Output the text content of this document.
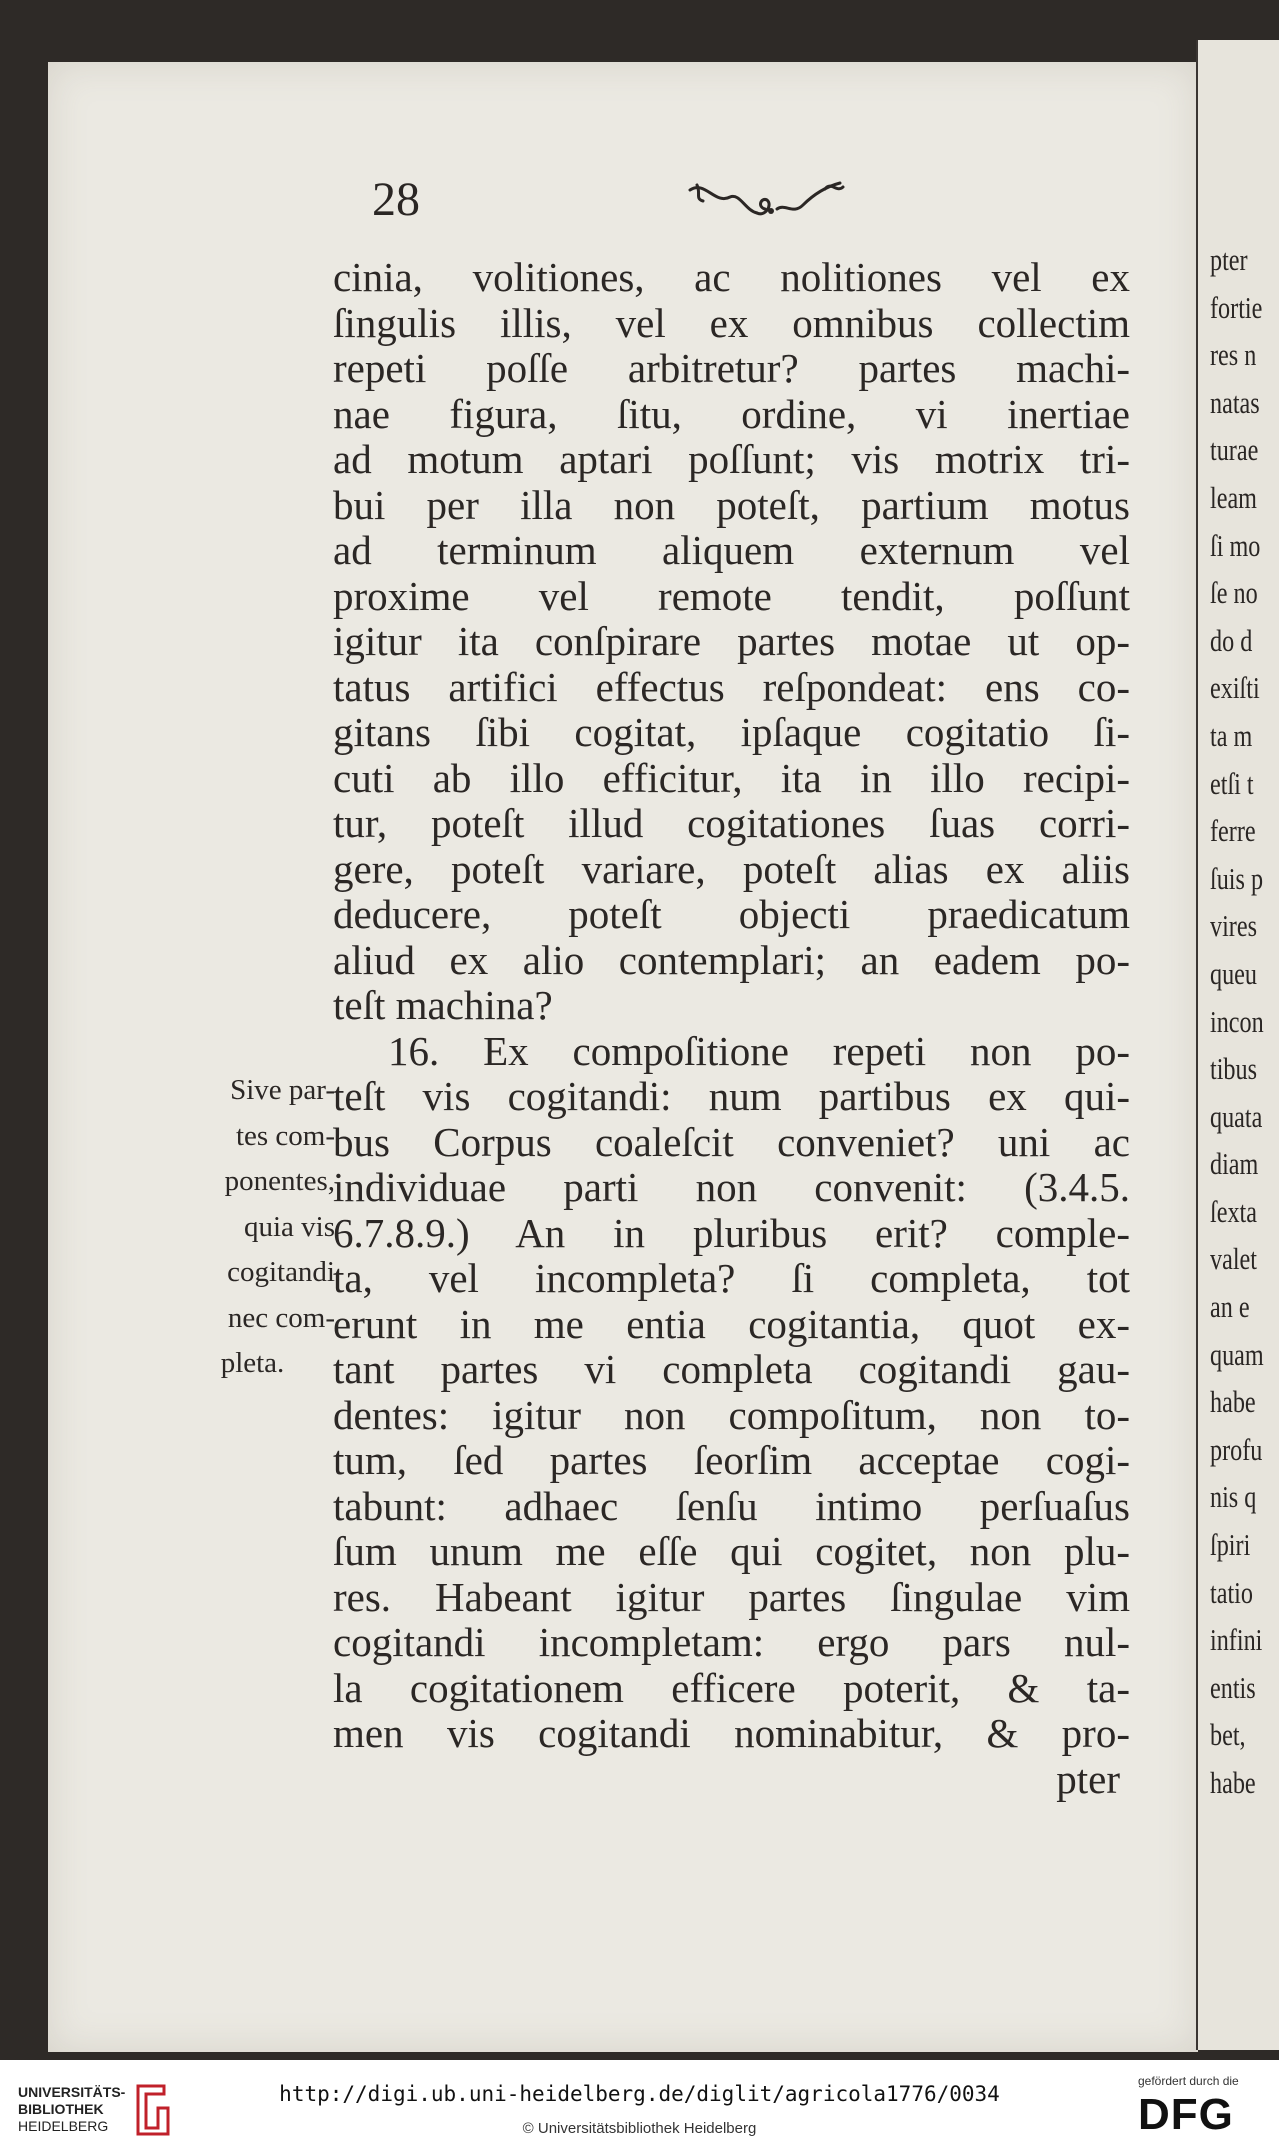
pter
fortie
res n
natas
turae
leam
ſi mo
ſe no
do d
exiſti
ta m
etſi t
ferre
ſuis p
vires
queu
incon
tibus
quata
diam
ſexta
valet
an e
quam
habe
profu
nis q
ſpiri
tatio
infini
entis
bet,
habe
28
cinia, volitiones, ac nolitiones vel ex
ſingulis illis, vel ex omnibus collectim
repeti poſſe arbitretur? partes machi-
nae figura, ſitu, ordine, vi inertiae
ad motum aptari poſſunt; vis motrix tri-
bui per illa non poteſt, partium motus
ad terminum aliquem externum vel
proxime vel remote tendit, poſſunt
igitur ita conſpirare partes motae ut op-
tatus artifici effectus reſpondeat: ens co-
gitans ſibi cogitat, ipſaque cogitatio ſi-
cuti ab illo efficitur, ita in illo recipi-
tur, poteſt illud cogitationes ſuas corri-
gere, poteſt variare, poteſt alias ex aliis
deducere, poteſt objecti praedicatum
aliud ex alio contemplari; an eadem po-
teſt machina?
16. Ex compoſitione repeti non po-
teſt vis cogitandi: num partibus ex qui-
bus Corpus coaleſcit conveniet? uni ac
individuae parti non convenit: (3.4.5.
6.7.8.9.) An in pluribus erit? comple-
ta, vel incompleta? ſi completa, tot
erunt in me entia cogitantia, quot ex-
tant partes vi completa cogitandi gau-
dentes: igitur non compoſitum, non to-
tum, ſed partes ſeorſim acceptae cogi-
tabunt: adhaec ſenſu intimo perſuaſus
ſum unum me eſſe qui cogitet, non plu-
res. Habeant igitur partes ſingulae vim
cogitandi incompletam: ergo pars nul-
la cogitationem efficere poterit, & ta-
men vis cogitandi nominabitur, & pro-
pter
Sive par-
tes com-
ponentes,
quia vis
cogitandi
nec com-
pleta.
UNIVERSITÄTS-
BIBLIOTHEK
HEIDELBERG
http://digi.ub.uni-heidelberg.de/diglit/agricola1776/0034
© Universitätsbibliothek Heidelberg
gefördert durch die
DFG
